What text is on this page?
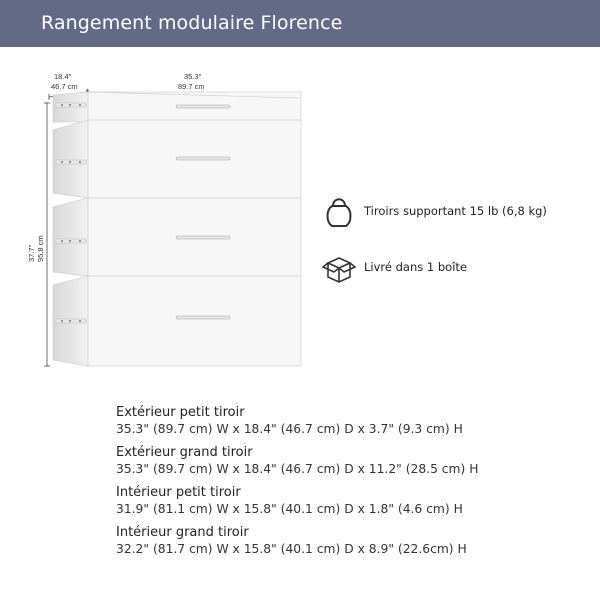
Rangement modulaire Florence
18.4"
46.7 cm
35.3"
89.7 cm
37.7" 95.8 cm
Tiroirs supportant 15 lb (6,8 kg)
Livré dans 1 boîte
Extérieur petit tiroir
35.3" (89.7 cm) W x 18.4" (46.7 cm) D x 3.7" (9.3 cm) H
Extérieur grand tiroir
35.3" (89.7 cm) W x 18.4" (46.7 cm) D x 11.2" (28.5 cm) H
Intérieur petit tiroir
31.9" (81.1 cm) W x 15.8" (40.1 cm) D x 1.8" (4.6 cm) H
Intérieur grand tiroir
32.2" (81.7 cm) W x 15.8" (40.1 cm) D x 8.9" (22.6cm) H
